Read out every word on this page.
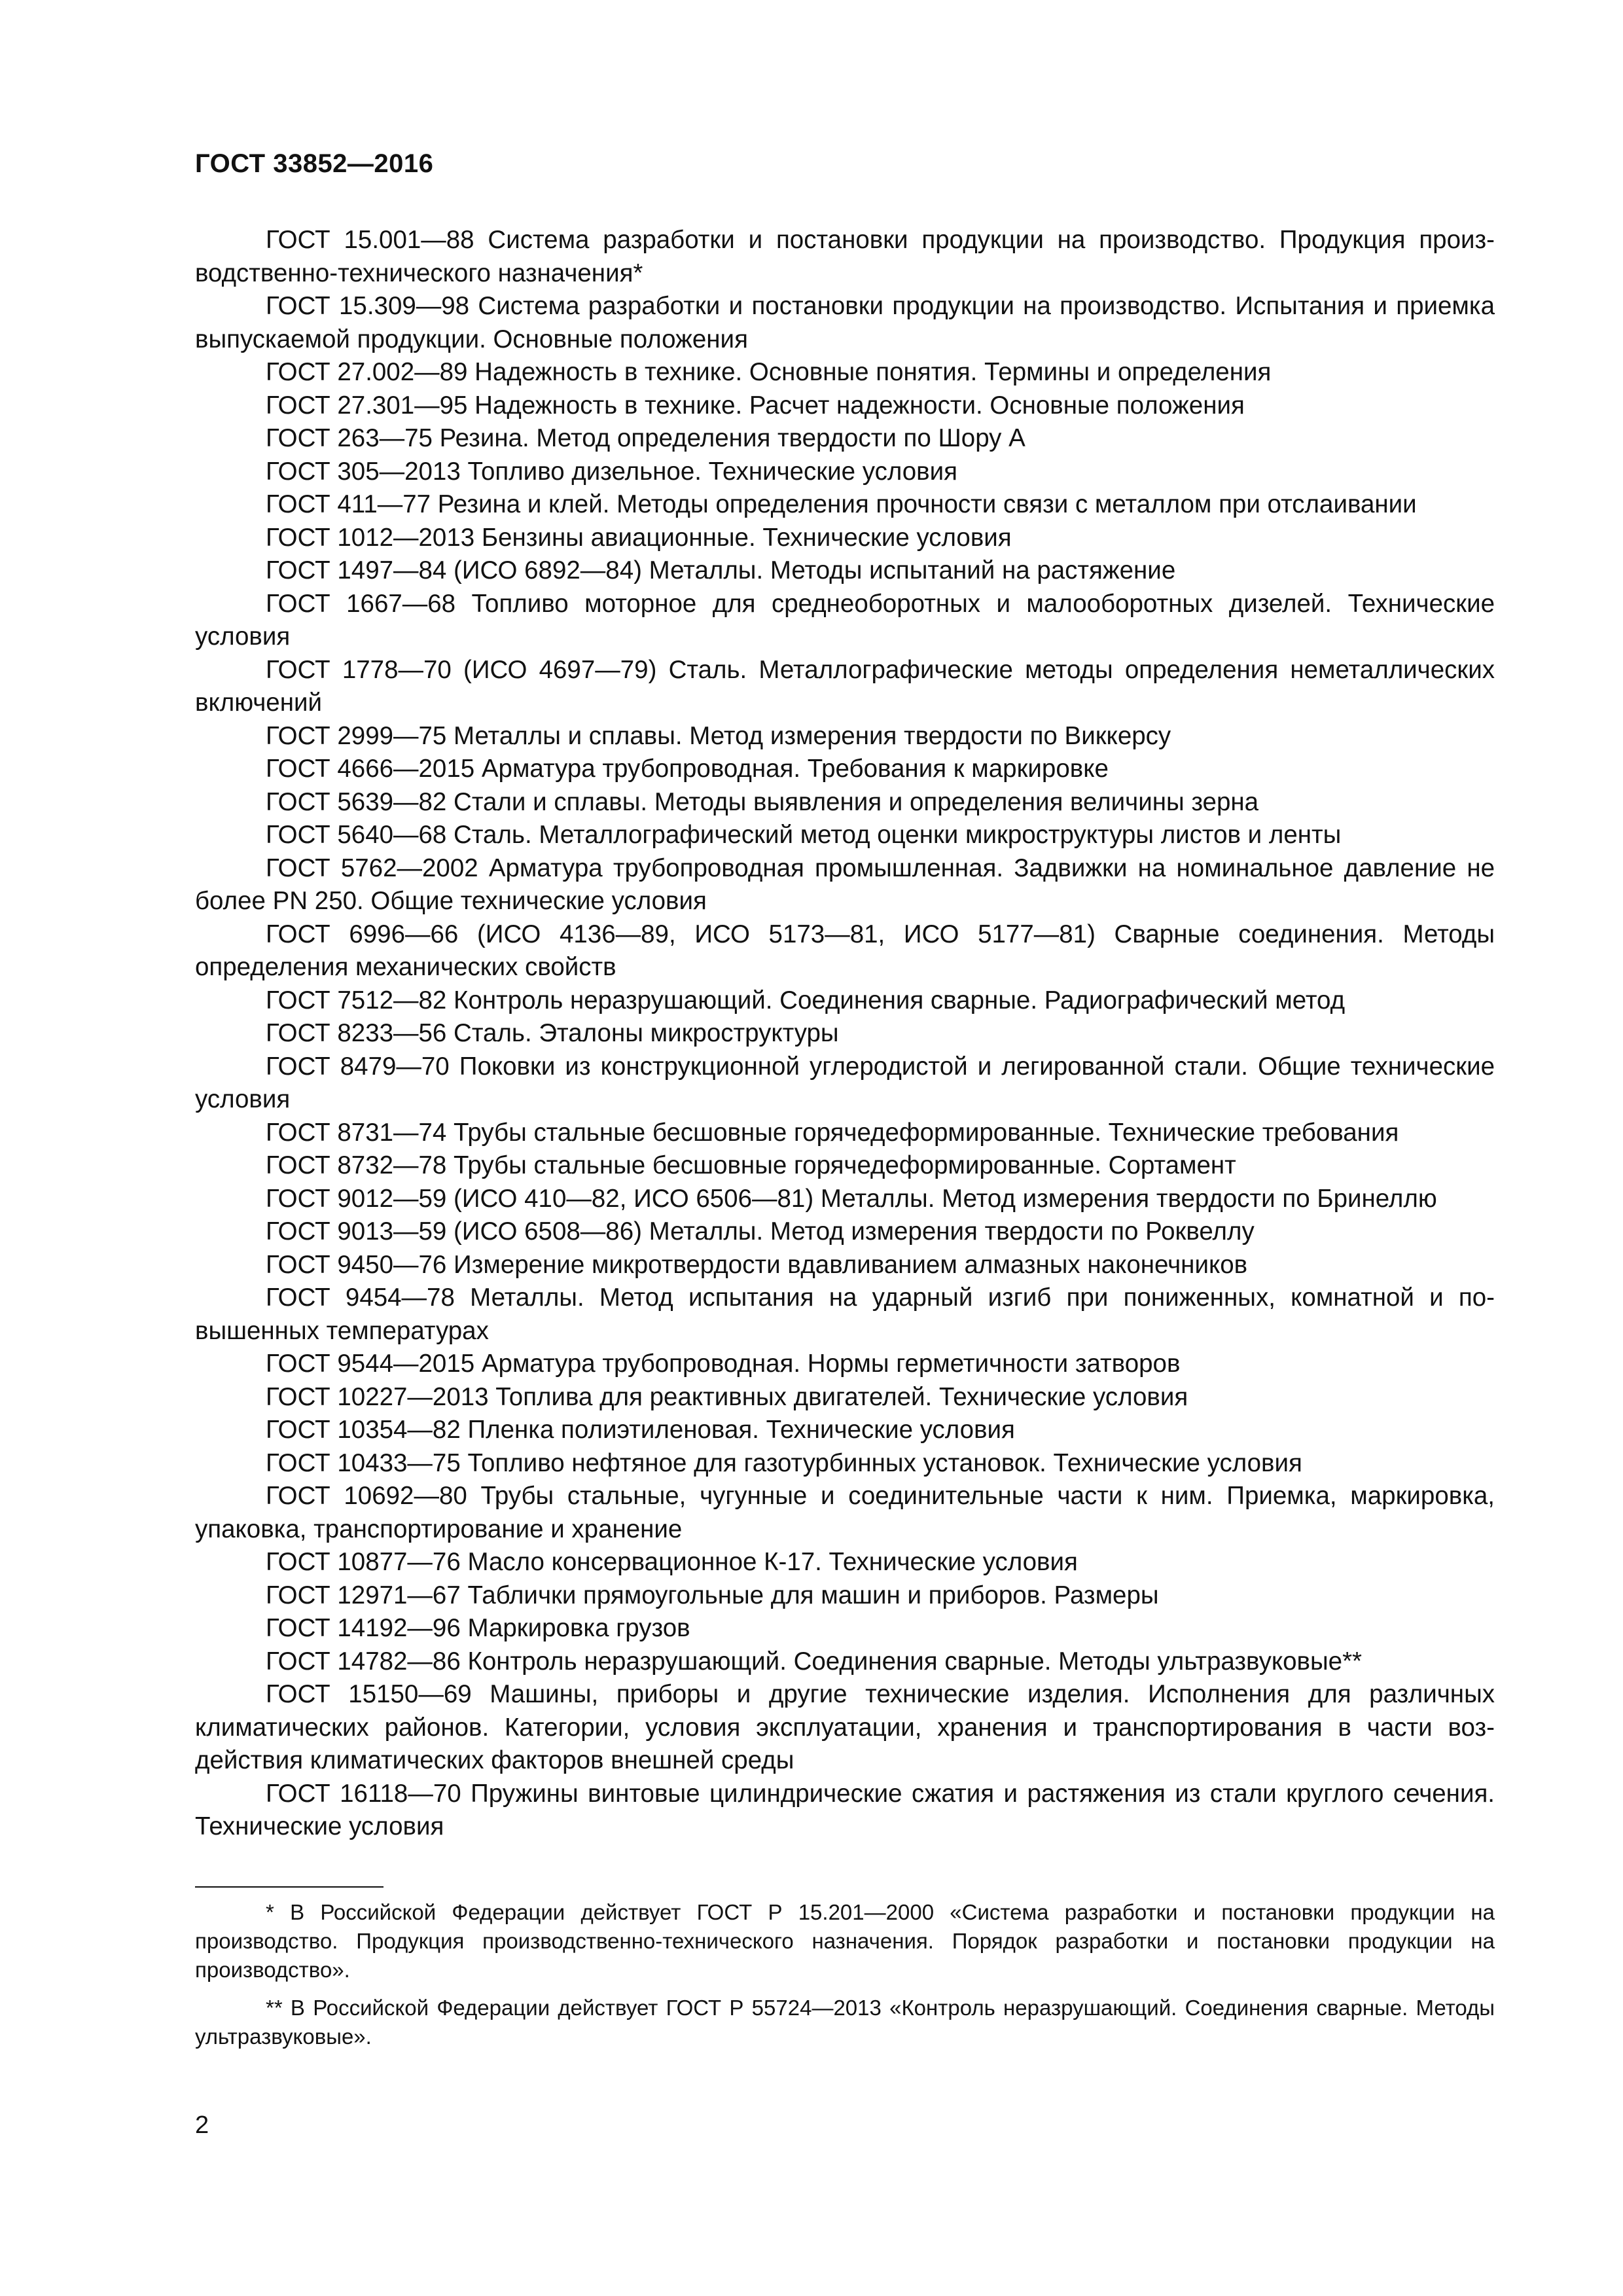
ГОСТ 33852—2016

ГОСТ 15.001—88 Система разработки и постановки продукции на производство. Продукция производственно-технического назначения*

ГОСТ 15.309—98 Система разработки и постановки продукции на производство. Испытания и приемка выпускаемой продукции. Основные положения

ГОСТ 27.002—89 Надежность в технике. Основные понятия. Термины и определения

ГОСТ 27.301—95 Надежность в технике. Расчет надежности. Основные положения

ГОСТ 263—75 Резина. Метод определения твердости по Шору А

ГОСТ 305—2013 Топливо дизельное. Технические условия

ГОСТ 411—77 Резина и клей. Методы определения прочности связи с металлом при отслаивании

ГОСТ 1012—2013 Бензины авиационные. Технические условия

ГОСТ 1497—84 (ИСО 6892—84) Металлы. Методы испытаний на растяжение

ГОСТ 1667—68 Топливо моторное для среднеоборотных и малооборотных дизелей. Технические условия

ГОСТ 1778—70 (ИСО 4697—79) Сталь. Металлографические методы определения неметаллических включений

ГОСТ 2999—75 Металлы и сплавы. Метод измерения твердости по Виккерсу

ГОСТ 4666—2015 Арматура трубопроводная. Требования к маркировке

ГОСТ 5639—82 Стали и сплавы. Методы выявления и определения величины зерна

ГОСТ 5640—68 Сталь. Металлографический метод оценки микроструктуры листов и ленты

ГОСТ 5762—2002 Арматура трубопроводная промышленная. Задвижки на номинальное давление не более PN 250. Общие технические условия

ГОСТ 6996—66 (ИСО 4136—89, ИСО 5173—81, ИСО 5177—81) Сварные соединения. Методы определения механических свойств

ГОСТ 7512—82 Контроль неразрушающий. Соединения сварные. Радиографический метод

ГОСТ 8233—56 Сталь. Эталоны микроструктуры

ГОСТ 8479—70 Поковки из конструкционной углеродистой и легированной стали. Общие технические условия

ГОСТ 8731—74 Трубы стальные бесшовные горячедеформированные. Технические требования

ГОСТ 8732—78 Трубы стальные бесшовные горячедеформированные. Сортамент

ГОСТ 9012—59 (ИСО 410—82, ИСО 6506—81) Металлы. Метод измерения твердости по Бринеллю

ГОСТ 9013—59 (ИСО 6508—86) Металлы. Метод измерения твердости по Роквеллу

ГОСТ 9450—76 Измерение микротвердости вдавливанием алмазных наконечников

ГОСТ 9454—78 Металлы. Метод испытания на ударный изгиб при пониженных, комнатной и повышенных температурах

ГОСТ 9544—2015 Арматура трубопроводная. Нормы герметичности затворов

ГОСТ 10227—2013 Топлива для реактивных двигателей. Технические условия

ГОСТ 10354—82 Пленка полиэтиленовая. Технические условия

ГОСТ 10433—75 Топливо нефтяное для газотурбинных установок. Технические условия

ГОСТ 10692—80 Трубы стальные, чугунные и соединительные части к ним. Приемка, маркировка, упаковка, транспортирование и хранение

ГОСТ 10877—76 Масло консервационное К-17. Технические условия

ГОСТ 12971—67 Таблички прямоугольные для машин и приборов. Размеры

ГОСТ 14192—96 Маркировка грузов

ГОСТ 14782—86 Контроль неразрушающий. Соединения сварные. Методы ультразвуковые**

ГОСТ 15150—69 Машины, приборы и другие технические изделия. Исполнения для различных климатических районов. Категории, условия эксплуатации, хранения и транспортирования в части воздействия климатических факторов внешней среды

ГОСТ 16118—70 Пружины винтовые цилиндрические сжатия и растяжения из стали круглого сечения. Технические условия

* В Российской Федерации действует ГОСТ Р 15.201—2000 «Система разработки и постановки продукции на производство. Продукция производственно-технического назначения. Порядок разработки и постановки продукции на производство».

** В Российской Федерации действует ГОСТ Р 55724—2013 «Контроль неразрушающий. Соединения сварные. Методы ультразвуковые».

2
